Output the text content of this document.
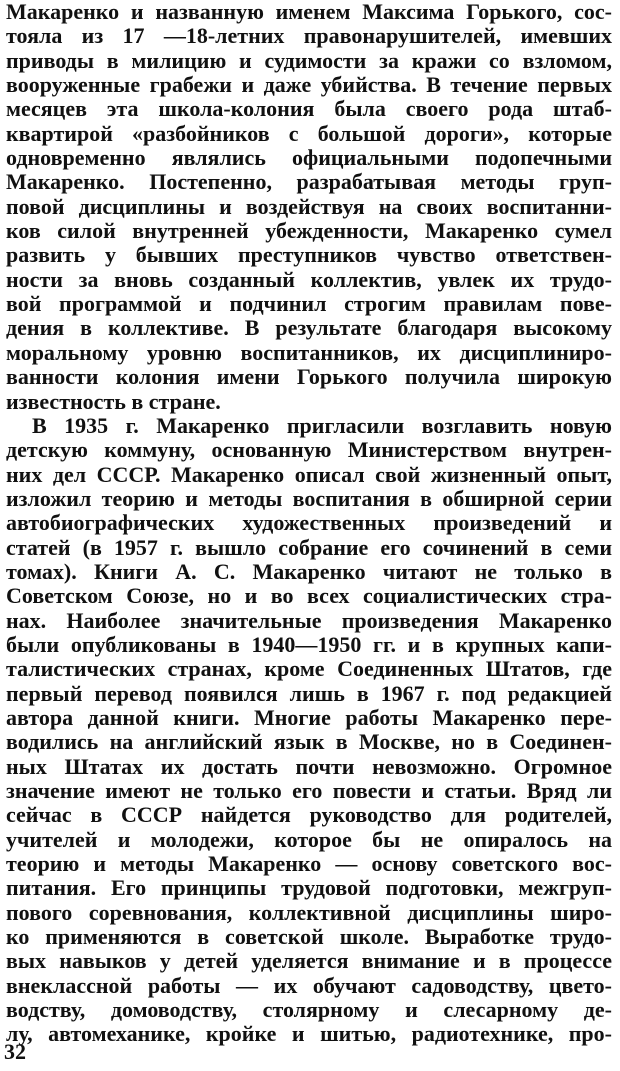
Макаренко и названную именем Максима Горького, сос-
тояла из 17 —18-летних правонарушителей, имевших
приводы в милицию и судимости за кражи со взломом,
вооруженные грабежи и даже убийства. В течение первых
месяцев эта школа-колония была своего рода штаб-
квартирой «разбойников с большой дороги», которые
одновременно являлись официальными подопечными
Макаренко. Постепенно, разрабатывая методы груп-
повой дисциплины и воздействуя на своих воспитанни-
ков силой внутренней убежденности, Макаренко сумел
развить у бывших преступников чувство ответствен-
ности за вновь созданный коллектив, увлек их трудо-
вой программой и подчинил строгим правилам пове-
дения в коллективе. В результате благодаря высокому
моральному уровню воспитанников, их дисциплиниро-
ванности колония имени Горького получила широкую
известность в стране.
В 1935 г. Макаренко пригласили возглавить новую
детскую коммуну, основанную Министерством внутрен-
них дел СССР. Макаренко описал свой жизненный опыт,
изложил теорию и методы воспитания в обширной серии
автобиографических художественных произведений и
статей (в 1957 г. вышло собрание его сочинений в семи
томах). Книги А. С. Макаренко читают не только в
Советском Союзе, но и во всех социалистических стра-
нах. Наиболее значительные произведения Макаренко
были опубликованы в 1940—1950 гг. и в крупных капи-
талистических странах, кроме Соединенных Штатов, где
первый перевод появился лишь в 1967 г. под редакцией
автора данной книги. Многие работы Макаренко пере-
водились на английский язык в Москве, но в Соединен-
ных Штатах их достать почти невозможно. Огромное
значение имеют не только его повести и статьи. Вряд ли
сейчас в СССР найдется руководство для родителей,
учителей и молодежи, которое бы не опиралось на
теорию и методы Макаренко — основу советского вос-
питания. Его принципы трудовой подготовки, межгруп-
пового соревнования, коллективной дисциплины широ-
ко применяются в советской школе. Выработке трудо-
вых навыков у детей уделяется внимание и в процессе
внеклассной работы — их обучают садоводству, цвето-
водству, домоводству, столярному и слесарному де-
лу, автомеханике, кройке и шитью, радиотехнике, про-
32
